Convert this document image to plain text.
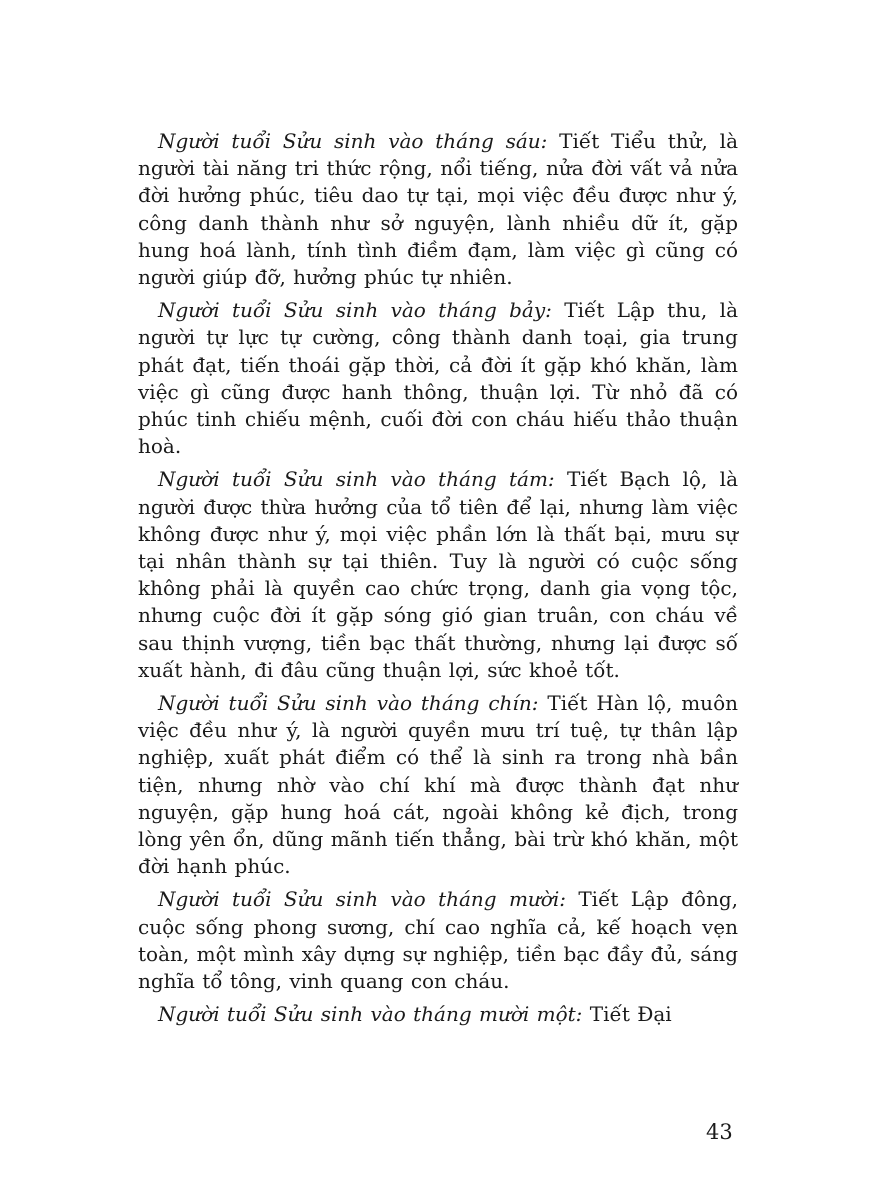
Người tuổi Sửu sinh vào tháng sáu: Tiết Tiểu thử, là người tài năng tri thức rộng, nổi tiếng, nửa đời vất vả nửa đời hưởng phúc, tiêu dao tự tại, mọi việc đều được như ý, công danh thành như sở nguyện, lành nhiều dữ ít, gặp hung hoá lành, tính tình điềm đạm, làm việc gì cũng có người giúp đỡ, hưởng phúc tự nhiên.

Người tuổi Sửu sinh vào tháng bảy: Tiết Lập thu, là người tự lực tự cường, công thành danh toại, gia trung phát đạt, tiến thoái gặp thời, cả đời ít gặp khó khăn, làm việc gì cũng được hanh thông, thuận lợi. Từ nhỏ đã có phúc tinh chiếu mệnh, cuối đời con cháu hiếu thảo thuận hoà.

Người tuổi Sửu sinh vào tháng tám: Tiết Bạch lộ, là người được thừa hưởng của tổ tiên để lại, nhưng làm việc không được như ý, mọi việc phần lớn là thất bại, mưu sự tại nhân thành sự tại thiên. Tuy là người có cuộc sống không phải là quyền cao chức trọng, danh gia vọng tộc, nhưng cuộc đời ít gặp sóng gió gian truân, con cháu về sau thịnh vượng, tiền bạc thất thường, nhưng lại được số xuất hành, đi đâu cũng thuận lợi, sức khoẻ tốt.

Người tuổi Sửu sinh vào tháng chín: Tiết Hàn lộ, muôn việc đều như ý, là người quyền mưu trí tuệ, tự thân lập nghiệp, xuất phát điểm có thể là sinh ra trong nhà bần tiện, nhưng nhờ vào chí khí mà được thành đạt như nguyện, gặp hung hoá cát, ngoài không kẻ địch, trong lòng yên ổn, dũng mãnh tiến thẳng, bài trừ khó khăn, một đời hạnh phúc.

Người tuổi Sửu sinh vào tháng mười: Tiết Lập đông, cuộc sống phong sương, chí cao nghĩa cả, kế hoạch vẹn toàn, một mình xây dựng sự nghiệp, tiền bạc đầy đủ, sáng nghĩa tổ tông, vinh quang con cháu.

Người tuổi Sửu sinh vào tháng mười một: Tiết Đại

43
